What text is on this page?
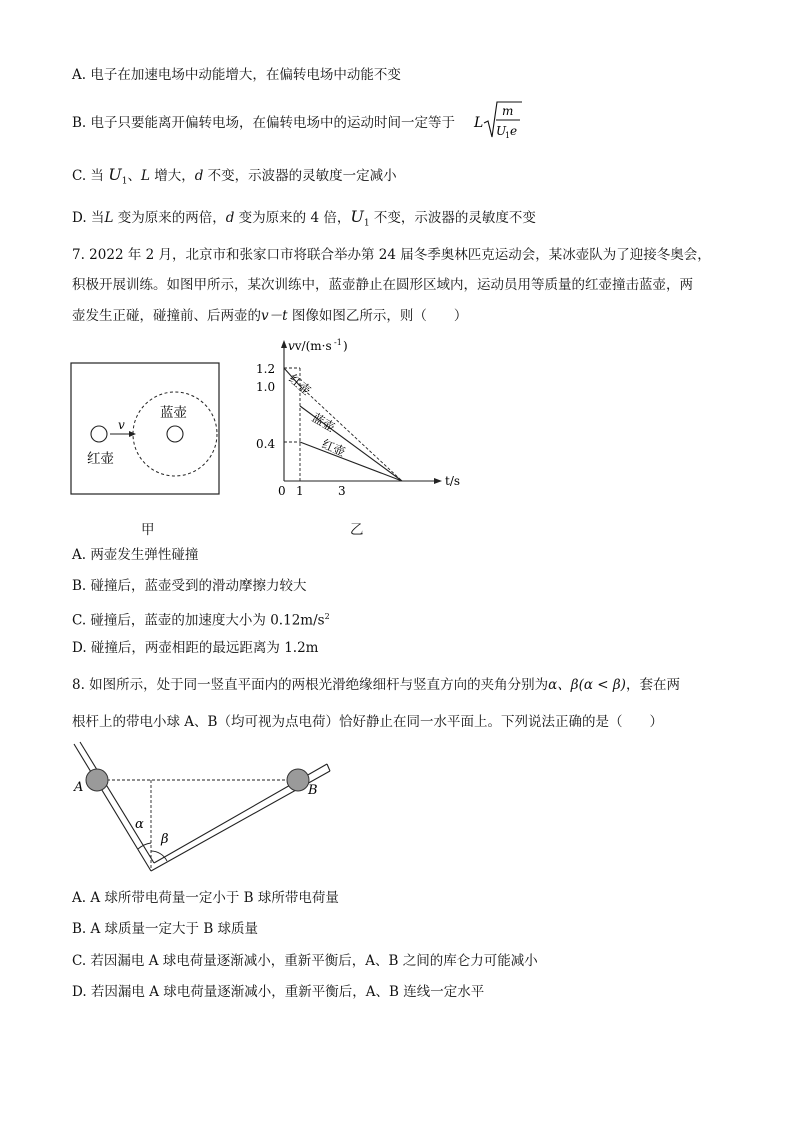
A. 电子在加速电场中动能增大，在偏转电场中动能不变
B. 电子只要能离开偏转电场，在偏转电场中的运动时间一定等于 L
m
U
1 e
C. 当 $U_1$、L 增大，d 不变，示波器的灵敏度一定减小
D. 当L 变为原来的两倍，d 变为原来的 4 倍，$U_1$ 不变，示波器的灵敏度不变
7. 2022 年 2 月，北京市和张家口市将联合举办第 24 届冬季奥林匹克运动会，某冰壶队为了迎接冬奥会，
积极开展训练。如图甲所示，某次训练中，蓝壶静止在圆形区域内，运动员用等质量的红壶撞击蓝壶，两
壶发生正碰，碰撞前、后两壶的v－t 图像如图乙所示，则（　　）
v
蓝壶
红壶
甲
vv/(m·s -1 )
t/s
1.2
1.0
0.4
0 1	3
红壶
蓝壶
红壶
乙
A. 两壶发生弹性碰撞
B. 碰撞后，蓝壶受到的滑动摩擦力较大
C. 碰撞后，蓝壶的加速度大小为 $0.12m/s^2$
D. 碰撞后，两壶相距的最远距离为 1.2m
8. 如图所示，处于同一竖直平面内的两根光滑绝缘细杆与竖直方向的夹角分别为α、β(α < β)，套在两
根杆上的带电小球 A、B（均可视为点电荷）恰好静止在同一水平面上。下列说法正确的是（　　）
A	B
α
β
A. A 球所带电荷量一定小于 B 球所带电荷量
B. A 球质量一定大于 B 球质量
C. 若因漏电 A 球电荷量逐渐减小，重新平衡后，A、B 之间的库仑力可能减小
D. 若因漏电 A 球电荷量逐渐减小，重新平衡后，A、B 连线一定水平
